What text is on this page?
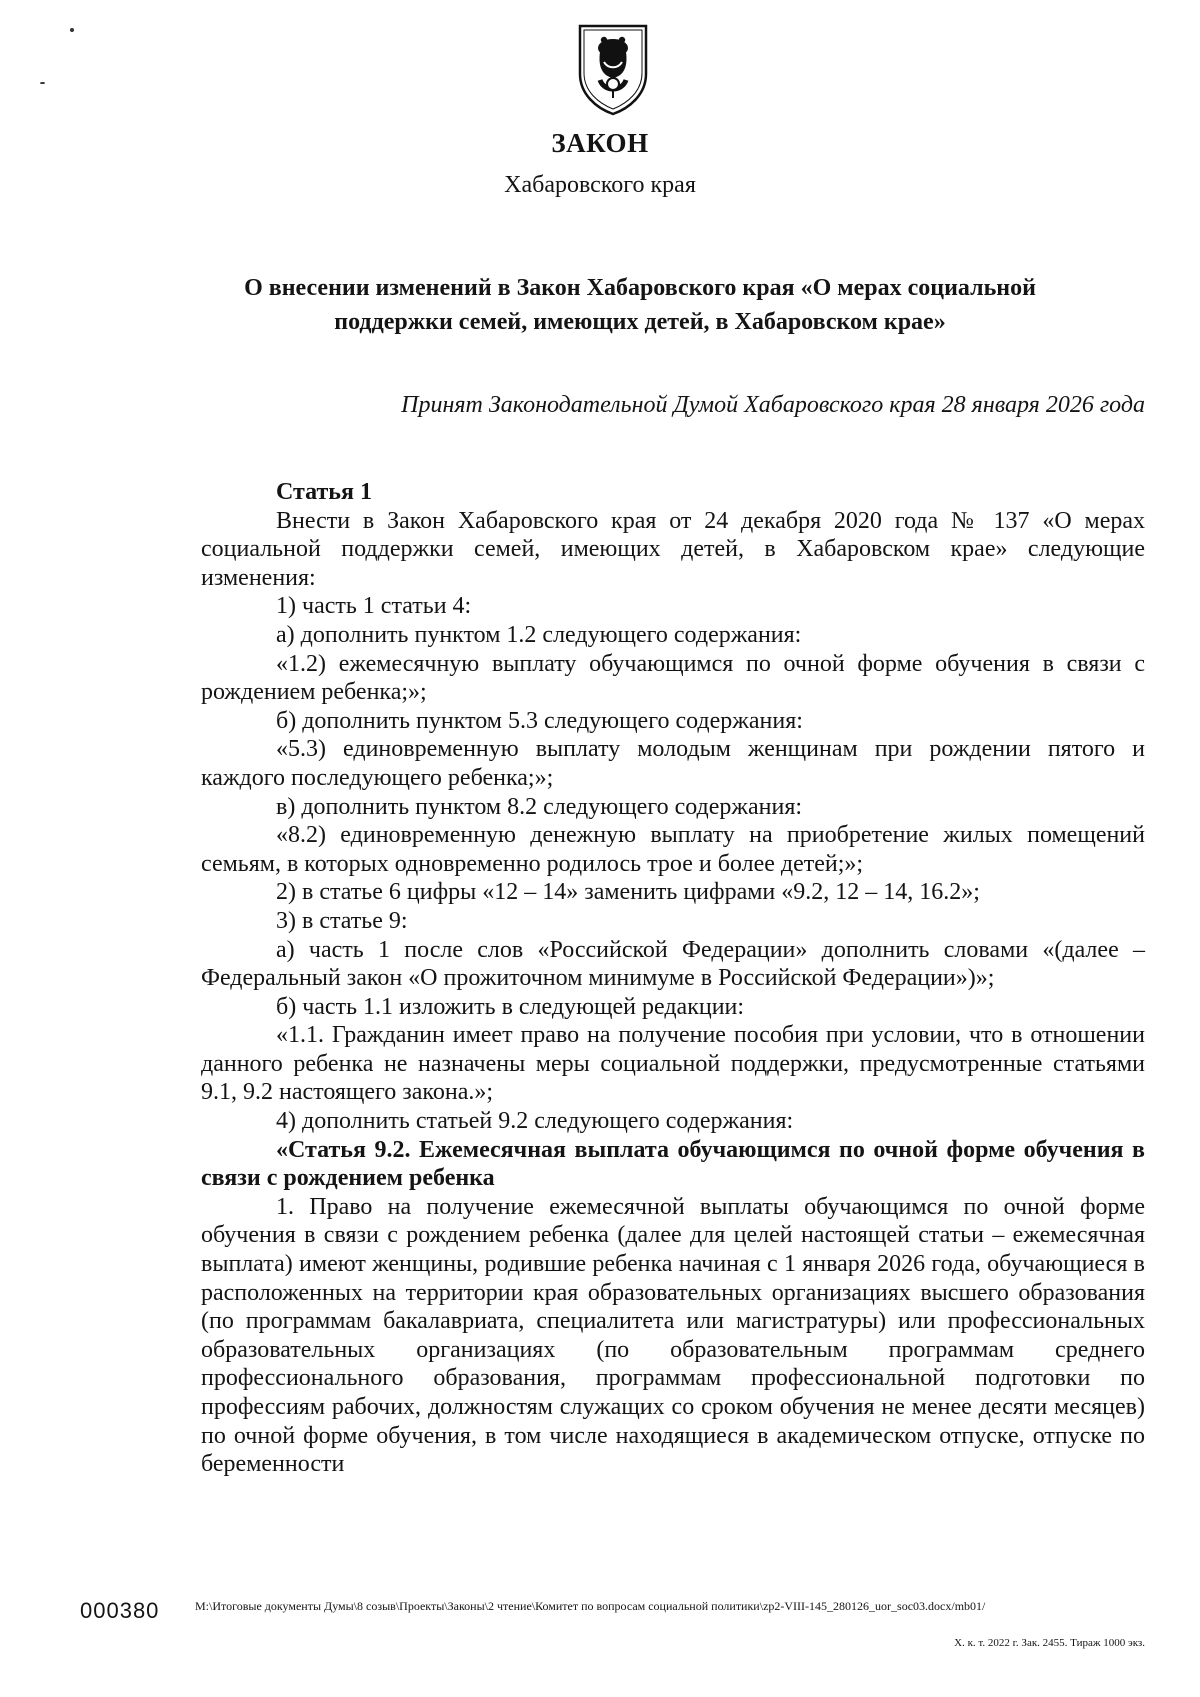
ЗАКОН
Хабаровского края
О внесении изменений в Закон Хабаровского края «О мерах социальной
поддержки семей, имеющих детей, в Хабаровском крае»
Принят Законодательной Думой Хабаровского края 28 января 2026 года

Статья 1

Внести в Закон Хабаровского края от 24 декабря 2020 года № 137 «О мерах социальной поддержки семей, имеющих детей, в Хабаровском крае» следующие изменения:

1) часть 1 статьи 4:

а) дополнить пунктом 1.2 следующего содержания:

«1.2) ежемесячную выплату обучающимся по очной форме обучения в связи с рождением ребенка;»;

б) дополнить пунктом 5.3 следующего содержания:

«5.3) единовременную выплату молодым женщинам при рождении пятого и каждого последующего ребенка;»;

в) дополнить пунктом 8.2 следующего содержания:

«8.2) единовременную денежную выплату на приобретение жилых помещений семьям, в которых одновременно родилось трое и более детей;»;

2) в статье 6 цифры «12 – 14» заменить цифрами «9.2, 12 – 14, 16.2»;

3) в статье 9:

а) часть 1 после слов «Российской Федерации» дополнить словами «(далее – Федеральный закон «О прожиточном минимуме в Российской Федерации»)»;

б) часть 1.1 изложить в следующей редакции:

«1.1. Гражданин имеет право на получение пособия при условии, что в отношении данного ребенка не назначены меры социальной поддержки, предусмотренные статьями 9.1, 9.2 настоящего закона.»;

4) дополнить статьей 9.2 следующего содержания:

«Статья 9.2. Ежемесячная выплата обучающимся по очной форме обучения в связи с рождением ребенка

1. Право на получение ежемесячной выплаты обучающимся по очной форме обучения в связи с рождением ребенка (далее для целей настоящей статьи – ежемесячная выплата) имеют женщины, родившие ребенка начиная с 1 января 2026 года, обучающиеся в расположенных на территории края образовательных организациях высшего образования (по программам бакалавриата, специалитета или магистратуры) или профессиональных образовательных организациях (по образовательным программам среднего профессионального образования, программам профессиональной подготовки по профессиям рабочих, должностям служащих со сроком обучения не менее десяти месяцев) по очной форме обучения, в том числе находящиеся в академическом отпуске, отпуске по беременности

000380	M:\Итоговые документы Думы\8 созыв\Проекты\Законы\2 чтение\Комитет по вопросам социальной политики\zp2-VIII-145_280126_uor_soc03.docx/mb01/
Х. к. т. 2022 г. Зак. 2455. Тираж 1000 экз.
